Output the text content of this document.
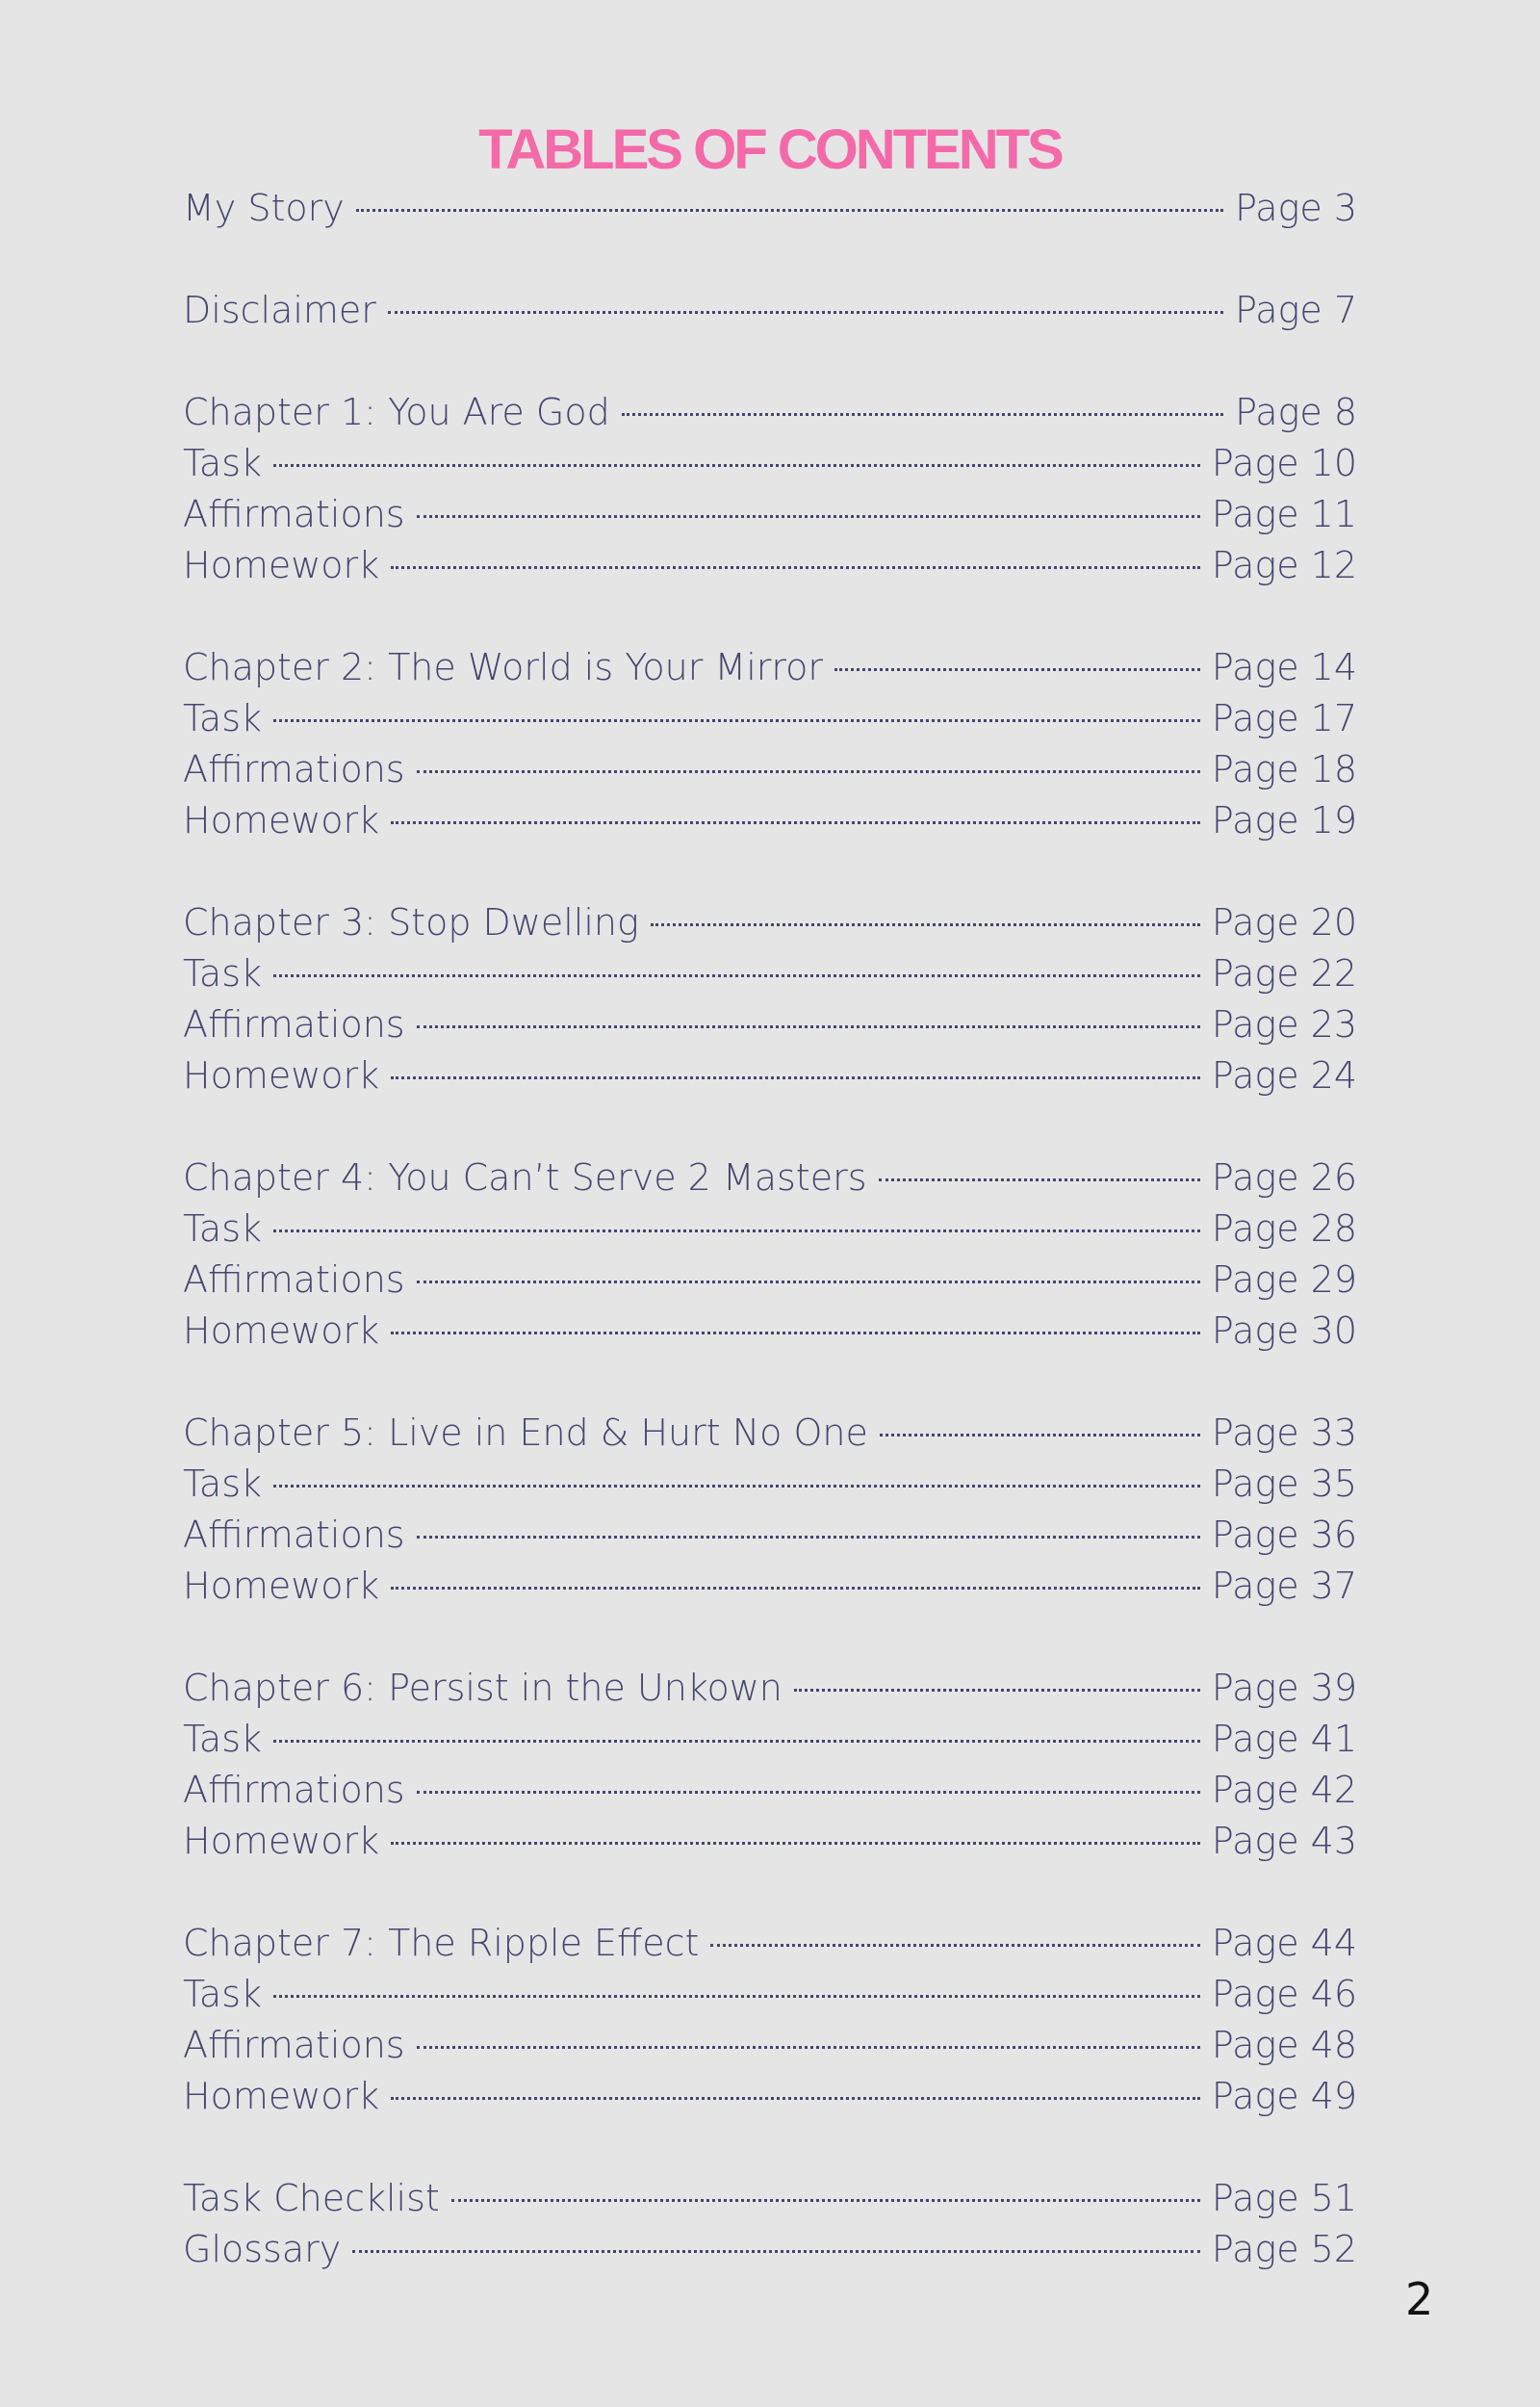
TABLES OF CONTENTS
My Story	Page 3
Disclaimer	Page 7
Chapter 1: You Are God	Page 8
Task	Page 10
Affirmations	Page 11
Homework	Page 12
Chapter 2: The World is Your Mirror	Page 14
Task	Page 17
Affirmations	Page 18
Homework	Page 19
Chapter 3: Stop Dwelling	Page 20
Task	Page 22
Affirmations	Page 23
Homework	Page 24
Chapter 4: You Can’t Serve 2 Masters	Page 26
Task	Page 28
Affirmations	Page 29
Homework	Page 30
Chapter 5: Live in End & Hurt No One	Page 33
Task	Page 35
Affirmations	Page 36
Homework	Page 37
Chapter 6: Persist in the Unkown	Page 39
Task	Page 41
Affirmations	Page 42
Homework	Page 43
Chapter 7: The Ripple Effect	Page 44
Task	Page 46
Affirmations	Page 48
Homework	Page 49
Task Checklist	Page 51
Glossary	Page 52
2
